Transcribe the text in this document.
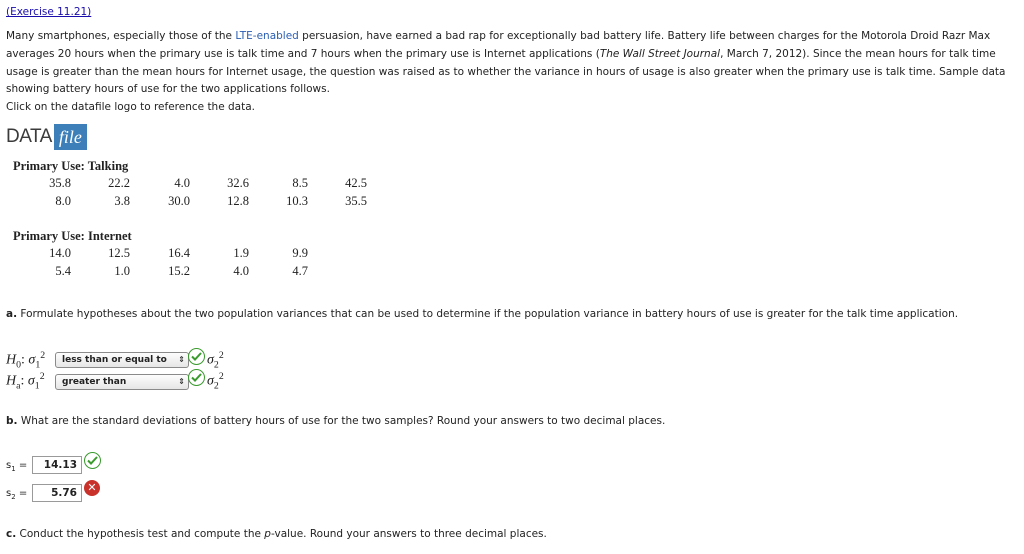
(Exercise 11.21)
Many smartphones, especially those of the LTE-enabled persuasion, have earned a bad rap for exceptionally bad battery life. Battery life between charges for the Motorola Droid Razr Max averages 20 hours when the primary use is talk time and 7 hours when the primary use is Internet applications (The Wall Street Journal, March 7, 2012). Since the mean hours for talk time usage is greater than the mean hours for Internet usage, the question was raised as to whether the variance in hours of usage is also greater when the primary use is talk time. Sample data showing battery hours of use for the two applications follows.
Click on the datafile logo to reference the data.
DATA file
Primary Use: Talking
35.8	22.2	4.0	32.6	8.5	42.5
8.0	3.8	30.0	12.8	10.3	35.5
Primary Use: Internet
14.0	12.5	16.4	1.9	9.9
5.4	1.0	15.2	4.0	4.7
a. Formulate hypotheses about the two population variances that can be used to determine if the population variance in battery hours of use is greater for the talk time application.
$H_0$: $\sigma_1^2$	less than or equal to ⇕ $\sigma_2^2$
$H_a$: $\sigma_1^2$	greater than	⇕ $\sigma_2^2$
b. What are the standard deviations of battery hours of use for the two samples? Round your answers to two decimal places.
$s_1$ =	14.13
$s_2$ =	5.76 ✕
c. Conduct the hypothesis test and compute the p-value. Round your answers to three decimal places.
